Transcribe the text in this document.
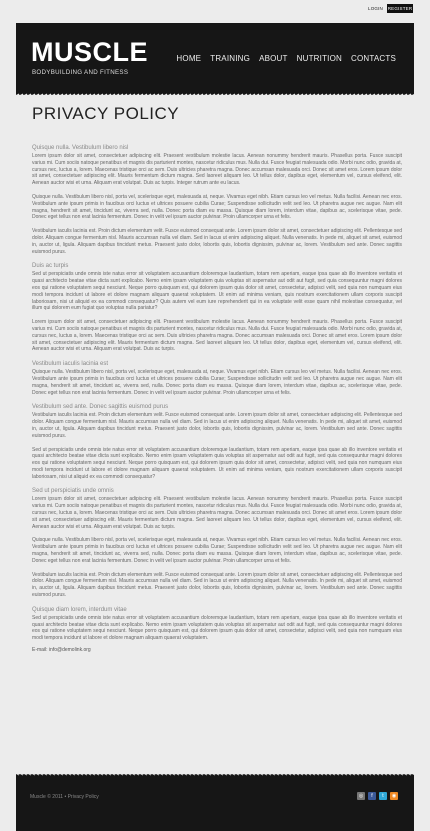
LOGIN REGISTER
MUSCLE
BODYBUILDING AND FITNESS
HOME TRAINING ABOUT NUTRITION CONTACTS
PRIVACY POLICY
Quisque nulla. Vestibulum libero nisl

Lorem ipsum dolor sit amet, consectetuer adipiscing elit. Praesent vestibulum molestie lacus. Aenean nonummy hendrerit mauris. Phasellus porta. Fusce suscipit varius mi. Cum sociis natoque penatibus et magnis dis parturient montes, nascetur ridiculus mus. Nulla dui. Fusce feugiat malesuada odio. Morbi nunc odio, gravida at, cursus nec, luctus a, lorem. Maecenas tristique orci ac sem. Duis ultricies pharetra magna. Donec accumsan malesuada orci. Donec sit amet eros. Lorem ipsum dolor sit amet, consectetuer adipiscing elit. Mauris fermentum dictum magna. Sed laoreet aliquam leo. Ut tellus dolor, dapibus eget, elementum vel, cursus eleifend, elit. Aenean auctor wisi et urna. Aliquam erat volutpat. Duis ac turpis. Integer rutrum ante eu lacus.

Quisque nulla. Vestibulum libero nisl, porta vel, scelerisque eget, malesuada at, neque. Vivamus eget nibh. Etiam cursus leo vel metus. Nulla facilisi. Aenean nec eros. Vestibulum ante ipsum primis in faucibus orci luctus et ultrices posuere cubilia Curae; Suspendisse sollicitudin velit sed leo. Ut pharetra augue nec augue. Nam elit magna, hendrerit sit amet, tincidunt ac, viverra sed, nulla. Donec porta diam eu massa. Quisque diam lorem, interdum vitae, dapibus ac, scelerisque vitae, pede. Donec eget tellus non erat lacinia fermentum. Donec in velit vel ipsum auctor pulvinar. Proin ullamcorper urna et felis.

Vestibulum iaculis lacinia est. Proin dictum elementum velit. Fusce euismod consequat ante. Lorem ipsum dolor sit amet, consectetuer adipiscing elit. Pellentesque sed dolor. Aliquam congue fermentum nisl. Mauris accumsan nulla vel diam. Sed in lacus ut enim adipiscing aliquet. Nulla venenatis. In pede mi, aliquet sit amet, euismod in, auctor ut, ligula. Aliquam dapibus tincidunt metus. Praesent justo dolor, lobortis quis, lobortis dignissim, pulvinar ac, lorem. Vestibulum sed ante. Donec sagittis euismod purus.

Duis ac turpis

Sed ut perspiciatis unde omnis iste natus error sit voluptatem accusantium doloremque laudantium, totam rem aperiam, eaque ipsa quae ab illo inventore veritatis et quasi architecto beatae vitae dicta sunt explicabo. Nemo enim ipsam voluptatem quia voluptas sit aspernatur aut odit aut fugit, sed quia consequuntur magni dolores eos qui ratione voluptatem sequi nesciunt. Neque porro quisquam est, qui dolorem ipsum quia dolor sit amet, consectetur, adipisci velit, sed quia non numquam eius modi tempora incidunt ut labore et dolore magnam aliquam quaerat voluptatem. Ut enim ad minima veniam, quis nostrum exercitationem ullam corporis suscipit laboriosam, nisi ut aliquid ex ea commodi consequatur? Quis autem vel eum iure reprehenderit qui in ea voluptate velit esse quam nihil molestiae consequatur, vel illum qui dolorem eum fugiat quo voluptas nulla pariatur?

Lorem ipsum dolor sit amet, consectetuer adipiscing elit. Praesent vestibulum molestie lacus. Aenean nonummy hendrerit mauris. Phasellus porta. Fusce suscipit varius mi. Cum sociis natoque penatibus et magnis dis parturient montes, nascetur ridiculus mus. Nulla dui. Fusce feugiat malesuada odio. Morbi nunc odio, gravida at, cursus nec, luctus a, lorem. Maecenas tristique orci ac sem. Duis ultricies pharetra magna. Donec accumsan malesuada orci. Donec sit amet eros. Lorem ipsum dolor sit amet, consectetuer adipiscing elit. Mauris fermentum dictum magna. Sed laoreet aliquam leo. Ut tellus dolor, dapibus eget, elementum vel, cursus eleifend, elit. Aenean auctor wisi et urna. Aliquam erat volutpat. Duis ac turpis.

Vestibulum iaculis lacinia est

Quisque nulla. Vestibulum libero nisl, porta vel, scelerisque eget, malesuada at, neque. Vivamus eget nibh. Etiam cursus leo vel metus. Nulla facilisi. Aenean nec eros. Vestibulum ante ipsum primis in faucibus orci luctus et ultrices posuere cubilia Curae; Suspendisse sollicitudin velit sed leo. Ut pharetra augue nec augue. Nam elit magna, hendrerit sit amet, tincidunt ac, viverra sed, nulla. Donec porta diam eu massa. Quisque diam lorem, interdum vitae, dapibus ac, scelerisque vitae, pede. Donec eget tellus non erat lacinia fermentum. Donec in velit vel ipsum auctor pulvinar. Proin ullamcorper urna et felis.

Vestibulum sed ante. Donec sagittis euismod purus

Vestibulum iaculis lacinia est. Proin dictum elementum velit. Fusce euismod consequat ante. Lorem ipsum dolor sit amet, consectetuer adipiscing elit. Pellentesque sed dolor. Aliquam congue fermentum nisl. Mauris accumsan nulla vel diam. Sed in lacus ut enim adipiscing aliquet. Nulla venenatis. In pede mi, aliquet sit amet, euismod in, auctor ut, ligula. Aliquam dapibus tincidunt metus. Praesent justo dolor, lobortis quis, lobortis dignissim, pulvinar ac, lorem. Vestibulum sed ante. Donec sagittis euismod purus.

Sed ut perspiciatis unde omnis iste natus error sit voluptatem accusantium doloremque laudantium, totam rem aperiam, eaque ipsa quae ab illo inventore veritatis et quasi architecto beatae vitae dicta sunt explicabo. Nemo enim ipsam voluptatem quia voluptas sit aspernatur aut odit aut fugit, sed quia consequuntur magni dolores eos qui ratione voluptatem sequi nesciunt. Neque porro quisquam est, qui dolorem ipsum quia dolor sit amet, consectetur, adipisci velit, sed quia non numquam eius modi tempora incidunt ut labore et dolore magnam aliquam quaerat voluptatem. Ut enim ad minima veniam, quis nostrum exercitationem ullam corporis suscipit laboriosam, nisi ut aliquid ex ea commodi consequatur?

Sed ut perspiciatis unde omnis

Lorem ipsum dolor sit amet, consectetuer adipiscing elit. Praesent vestibulum molestie lacus. Aenean nonummy hendrerit mauris. Phasellus porta. Fusce suscipit varius mi. Cum sociis natoque penatibus et magnis dis parturient montes, nascetur ridiculus mus. Nulla dui. Fusce feugiat malesuada odio. Morbi nunc odio, gravida at, cursus nec, luctus a, lorem. Maecenas tristique orci ac sem. Duis ultricies pharetra magna. Donec accumsan malesuada orci. Donec sit amet eros. Lorem ipsum dolor sit amet, consectetuer adipiscing elit. Mauris fermentum dictum magna. Sed laoreet aliquam leo. Ut tellus dolor, dapibus eget, elementum vel, cursus eleifend, elit. Aenean auctor wisi et urna. Aliquam erat volutpat. Duis ac turpis.

Quisque nulla. Vestibulum libero nisl, porta vel, scelerisque eget, malesuada at, neque. Vivamus eget nibh. Etiam cursus leo vel metus. Nulla facilisi. Aenean nec eros. Vestibulum ante ipsum primis in faucibus orci luctus et ultrices posuere cubilia Curae; Suspendisse sollicitudin velit sed leo. Ut pharetra augue nec augue. Nam elit magna, hendrerit sit amet, tincidunt ac, viverra sed, nulla. Donec porta diam eu massa. Quisque diam lorem, interdum vitae, dapibus ac, scelerisque vitae, pede. Donec eget tellus non erat lacinia fermentum. Donec in velit vel ipsum auctor pulvinar. Proin ullamcorper urna et felis.

Vestibulum iaculis lacinia est. Proin dictum elementum velit. Fusce euismod consequat ante. Lorem ipsum dolor sit amet, consectetuer adipiscing elit. Pellentesque sed dolor. Aliquam congue fermentum nisl. Mauris accumsan nulla vel diam. Sed in lacus ut enim adipiscing aliquet. Nulla venenatis. In pede mi, aliquet sit amet, euismod in, auctor ut, ligula. Aliquam dapibus tincidunt metus. Praesent justo dolor, lobortis quis, lobortis dignissim, pulvinar ac, lorem. Vestibulum sed ante. Donec sagittis euismod purus.

Quisque diam lorem, interdum vitae

Sed ut perspiciatis unde omnis iste natus error sit voluptatem accusantium doloremque laudantium, totam rem aperiam, eaque ipsa quae ab illo inventore veritatis et quasi architecto beatae vitae dicta sunt explicabo. Nemo enim ipsam voluptatem quia voluptas sit aspernatur aut odit aut fugit, sed quia consequuntur magni dolores eos qui ratione voluptatem sequi nesciunt. Neque porro quisquam est, qui dolorem ipsum quia dolor sit amet, consectetur, adipisci velit, sed quia non numquam eius modi tempora incidunt ut labore et dolore magnam aliquam quaerat voluptatem.

E-mail: info@demolink.org
Muscle © 2011 • Privacy Policy	◎	f	t	◉
